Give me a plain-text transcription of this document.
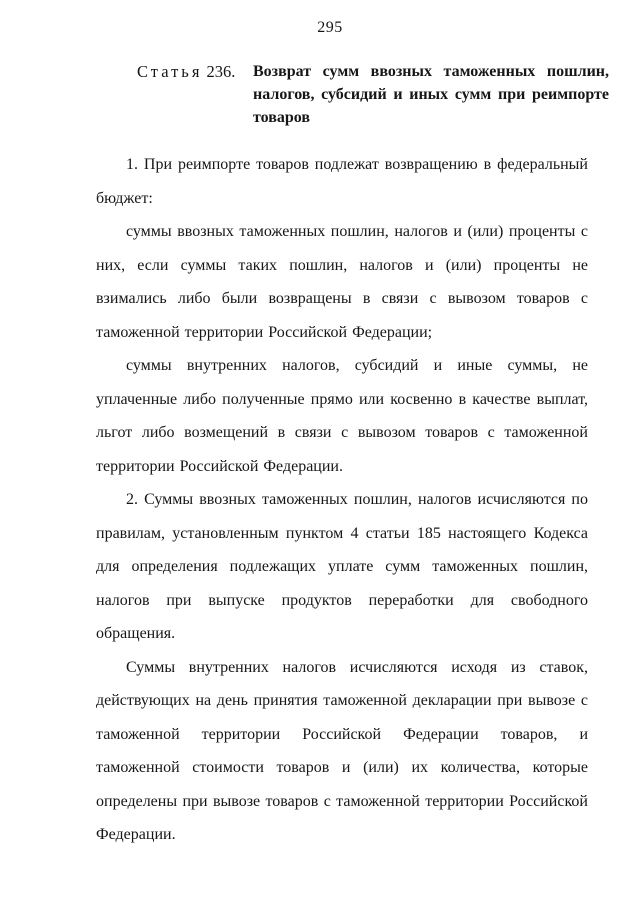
295
Статья 236.	Возврат сумм ввозных таможенных пошлин, налогов, субсидий и иных сумм при реимпорте товаров

1. При реимпорте товаров подлежат возвращению в федеральный бюджет:

суммы ввозных таможенных пошлин, налогов и (или) проценты с них, если суммы таких пошлин, налогов и (или) проценты не взимались либо были возвращены в связи с вывозом товаров с таможенной территории Российской Федерации;

суммы внутренних налогов, субсидий и иные суммы, не уплаченные либо полученные прямо или косвенно в качестве выплат, льгот либо возмещений в связи с вывозом товаров с таможенной территории Российской Федерации.

2. Суммы ввозных таможенных пошлин, налогов исчисляются по правилам, установленным пунктом 4 статьи 185 настоящего Кодекса для определения подлежащих уплате сумм таможенных пошлин, налогов при выпуске продуктов переработки для свободного обращения.

Суммы внутренних налогов исчисляются исходя из ставок, действующих на день принятия таможенной декларации при вывозе с таможенной территории Российской Федерации товаров, и таможенной стоимости товаров и (или) их количества, которые определены при вывозе товаров с таможенной территории Российской Федерации.
